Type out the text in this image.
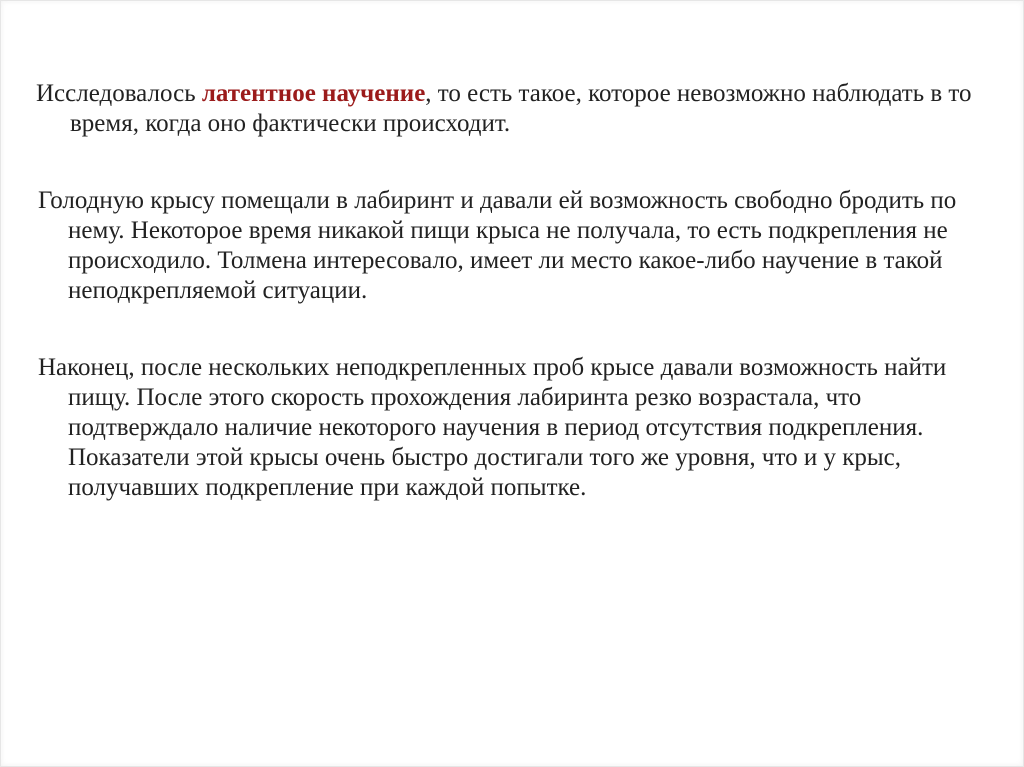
Исследовалось латентное научение, то есть такое, которое невозможно наблюдать в то время, когда оно фактически происходит.

Голодную крысу помещали в лабиринт и давали ей возможность свободно бродить по нему. Некоторое время никакой пищи крыса не получала, то есть подкрепления не происходило. Толмена интересовало, имеет ли место какое-либо научение в такой неподкрепляемой ситуации.

Наконец, после нескольких неподкрепленных проб крысе давали возможность найти пищу. После этого скорость прохождения лабиринта резко возрастала, что подтверждало наличие некоторого научения в период отсутствия подкрепления. Показатели этой крысы очень быстро достигали того же уровня, что и у крыс, получавших подкрепление при каждой попытке.
